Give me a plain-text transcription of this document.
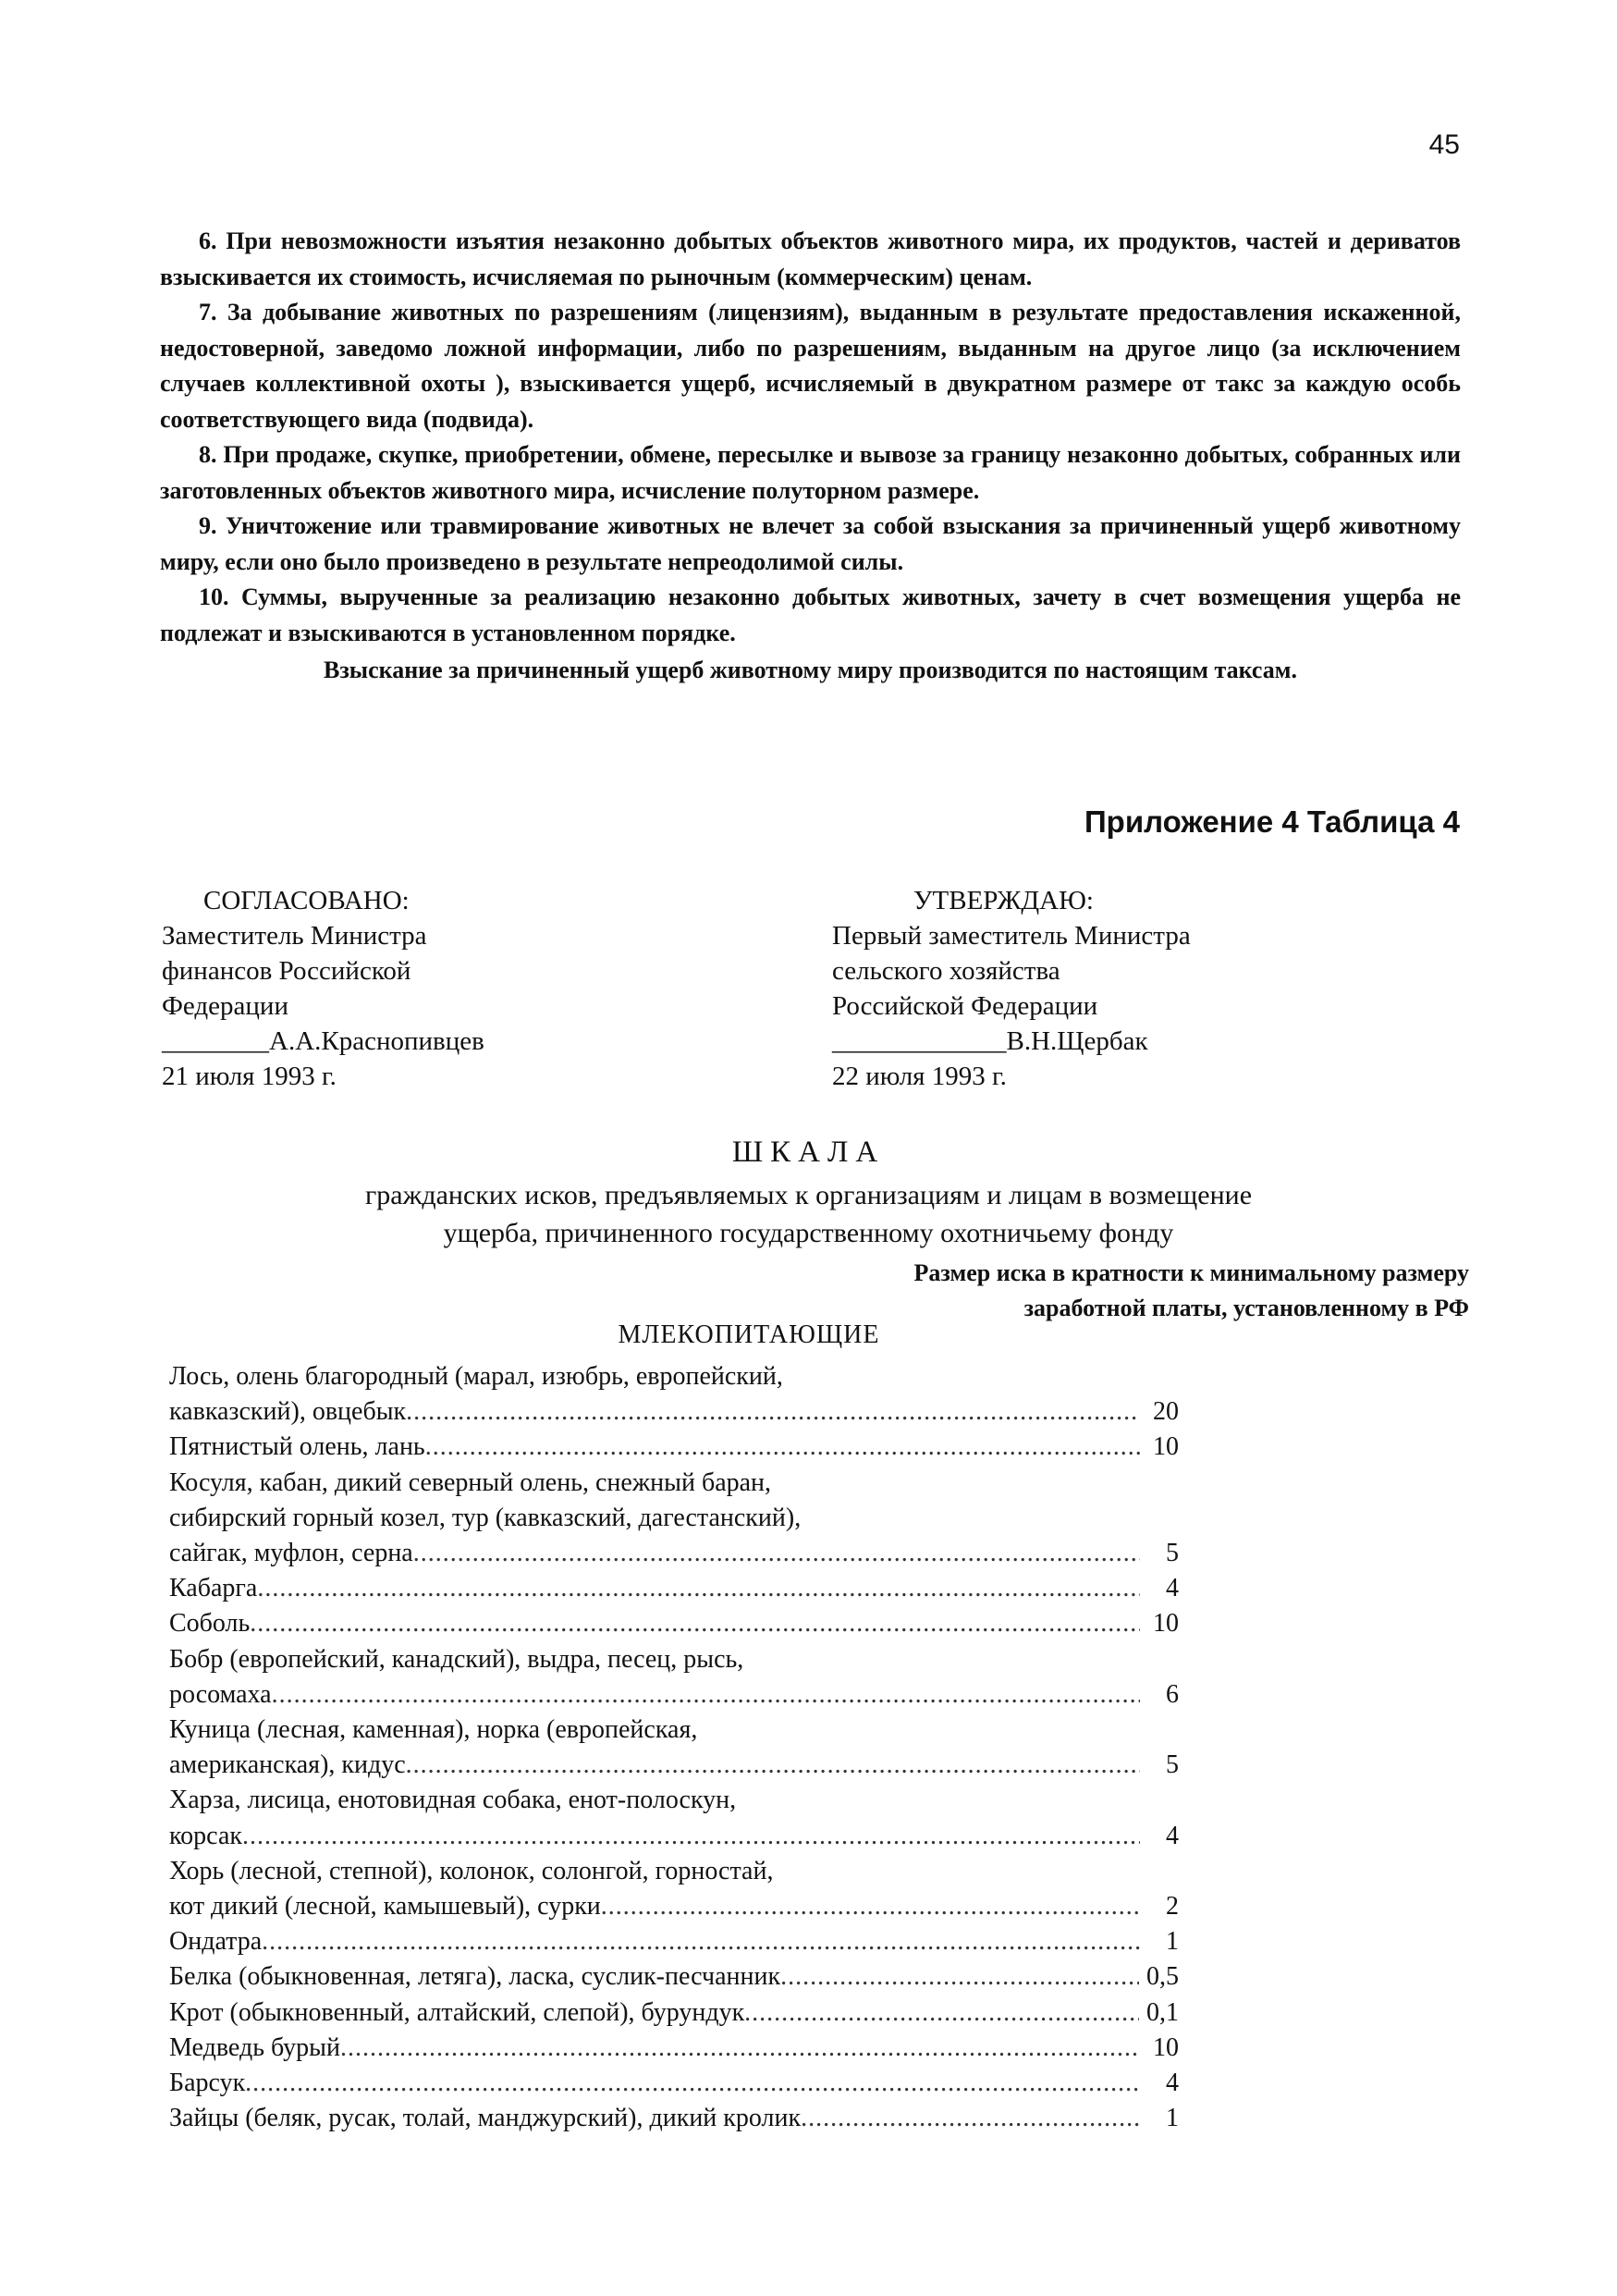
45

6. При невозможности изъятия незаконно добытых объектов животного мира, их продуктов, частей и дериватов взыскивается их стоимость, исчисляемая по рыночным (коммерческим) ценам.

7. За добывание животных по разрешениям (лицензиям), выданным в результате предоставления искаженной, недостоверной, заведомо ложной информации, либо по разрешениям, выданным на другое лицо (за исключением случаев коллективной охоты ), взыскивается ущерб, исчисляемый в двукратном размере от такс за каждую особь соответствующего вида (подвида).

8. При продаже, скупке, приобретении, обмене, пересылке и вывозе за границу незаконно добытых, собранных или заготовленных объектов животного мира, исчисление полуторном размере.

9. Уничтожение или травмирование животных не влечет за собой взыскания за причиненный ущерб животному миру, если оно было произведено в результате непреодолимой силы.

10. Суммы, вырученные за реализацию незаконно добытых животных, зачету в счет возмещения ущерба не подлежат и взыскиваются в установленном порядке.

Взыскание за причиненный ущерб животному миру производится по настоящим таксам.

Приложение 4 Таблица 4
СОГЛАСОВАНО:
Заместитель Министра
финансов Российской
Федерации
________А.А.Краснопивцев
21 июля 1993 г.
УТВЕРЖДАЮ:
Первый заместитель Министра
сельского хозяйства
Российской Федерации
_____________В.Н.Щербак
22 июля 1993 г.
ШКАЛА
гражданских исков, предъявляемых к организациям и лицам в возмещение
ущерба, причиненного государственному охотничьему фонду
Размер иска в кратности к минимальному размеру
заработной платы, установленному в РФ
МЛЕКОПИТАЮЩИЕ
Лось, олень благородный (марал, изюбрь, европейский,
кавказский), овцебык .....	20
Пятнистый олень, лань .....	10
Косуля, кабан, дикий северный олень, снежный баран,
сибирский горный козел, тур (кавказский, дагестанский),
сайгак, муфлон, серна .....	5
Кабарга .....	4
Соболь .....	10
Бобр (европейский, канадский), выдра, песец, рысь,
росомаха .....	6
Куница (лесная, каменная), норка (европейская,
американская), кидус .....	5
Харза, лисица, енотовидная собака, енот-полоскун,
корсак .....	4
Хорь (лесной, степной), колонок, солонгой, горностай,
кот дикий (лесной, камышевый), сурки .....	2
Ондатра .....	1
Белка (обыкновенная, летяга), ласка, суслик-песчанник .....	0,5
Крот (обыкновенный, алтайский, слепой), бурундук .....	0,1
Медведь бурый .....	10
Барсук .....	4
Зайцы (беляк, русак, толай, манджурский), дикий кролик .....	1
